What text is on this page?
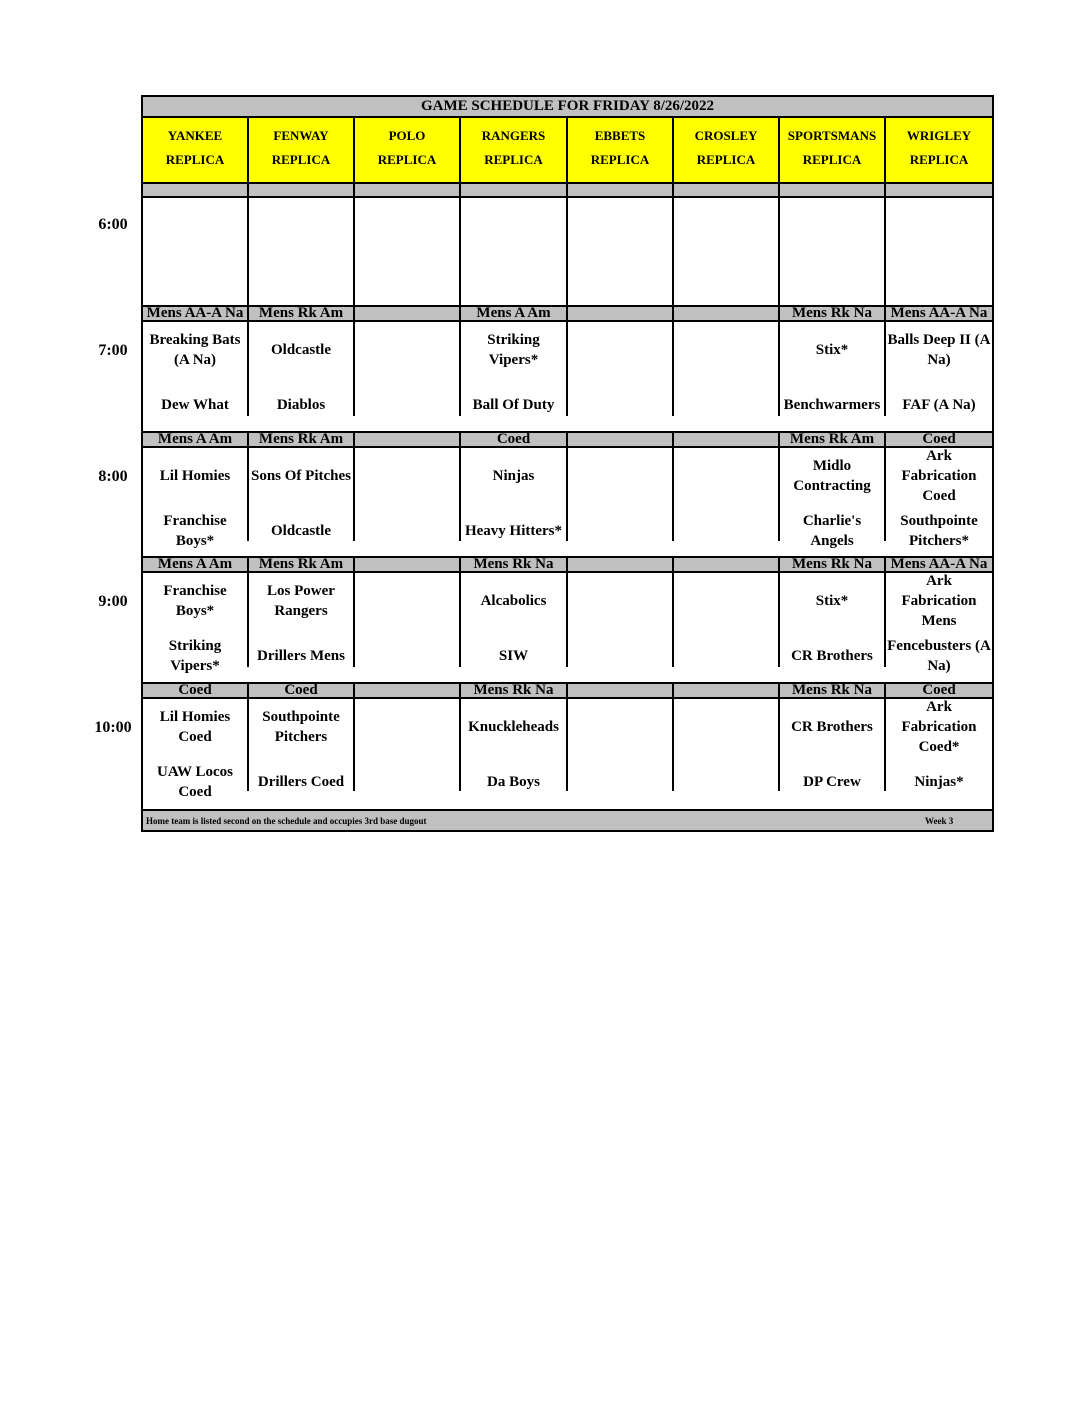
GAME SCHEDULE FOR FRIDAY 8/26/2022
YANKEE
REPLICA
FENWAY
REPLICA
POLO
REPLICA
RANGERS
REPLICA
EBBETS
REPLICA
CROSLEY
REPLICA
SPORTSMANS
REPLICA
WRIGLEY
REPLICA
Mens AA-A Na
Breaking Bats (A Na)
Dew What
Mens Rk Am
Oldcastle
Diablos
Mens A Am
Striking Vipers*
Ball Of Duty
Mens Rk Na
Stix*
Benchwarmers
Mens AA-A Na
Balls Deep II (A Na)
FAF (A Na)
Mens A Am
Lil Homies
Franchise Boys*
Mens Rk Am
Sons Of Pitches
Oldcastle
Coed
Ninjas
Heavy Hitters*
Mens Rk Am
Midlo Contracting
Charlie's Angels
Coed
Ark Fabrication Coed
Southpointe Pitchers*
Mens A Am
Franchise Boys*
Striking Vipers*
Mens Rk Am
Los Power Rangers
Drillers Mens
Mens Rk Na
Alcabolics
SIW
Mens Rk Na
Stix*
CR Brothers
Mens AA-A Na
Ark Fabrication Mens
Fencebusters (A Na)
Coed
Lil Homies Coed
UAW Locos Coed
Coed
Southpointe Pitchers
Drillers Coed
Mens Rk Na
Knuckleheads
Da Boys
Mens Rk Na
CR Brothers
DP Crew
Coed
Ark Fabrication Coed*
Ninjas*
Home team is listed second on the schedule and occupies 3rd base dugout	Week 3
6:00
7:00
8:00
9:00
10:00
